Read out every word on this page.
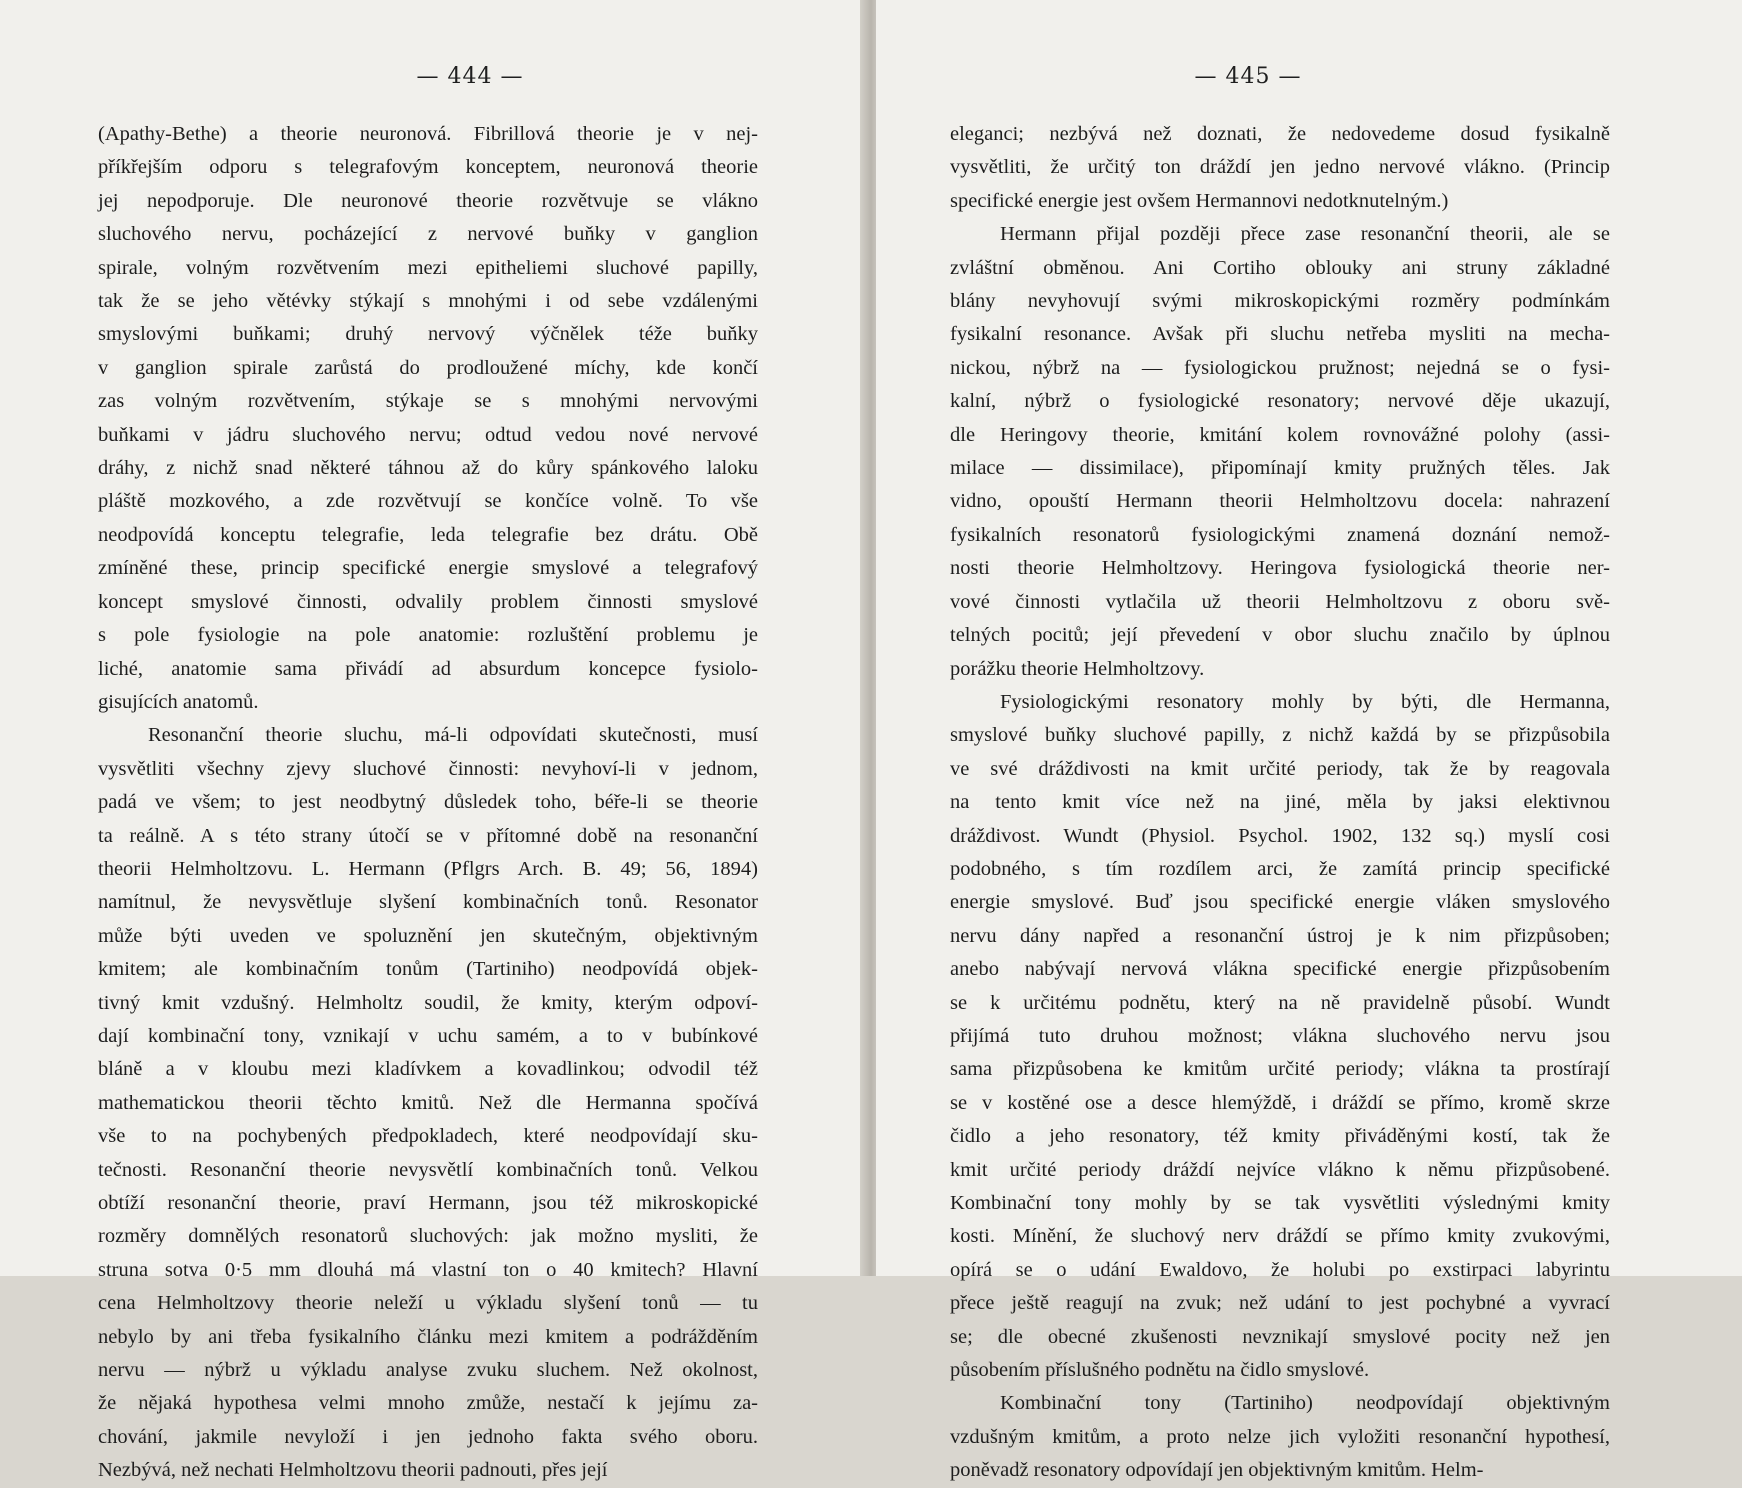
— 444 —
(Apathy-Bethe) a theorie neuronová. Fibrillová theorie je v nej-
příkřejším odporu s telegrafovým konceptem, neuronová theorie
jej nepodporuje. Dle neuronové theorie rozvětvuje se vlákno
sluchového nervu, pocházející z nervové buňky v ganglion
spirale, volným rozvětvením mezi epitheliemi sluchové papilly,
tak že se jeho větévky stýkají s mnohými i od sebe vzdálenými
smyslovými buňkami; druhý nervový výčnělek téže buňky
v ganglion spirale zarůstá do prodloužené míchy, kde končí
zas volným rozvětvením, stýkaje se s mnohými nervovými
buňkami v jádru sluchového nervu; odtud vedou nové nervové
dráhy, z nichž snad některé táhnou až do kůry spánkového laloku
pláště mozkového, a zde rozvětvují se končíce volně. To vše
neodpovídá konceptu telegrafie, leda telegrafie bez drátu. Obě
zmíněné these, princip specifické energie smyslové a telegrafový
koncept smyslové činnosti, odvalily problem činnosti smyslové
s pole fysiologie na pole anatomie: rozluštění problemu je
liché, anatomie sama přivádí ad absurdum koncepce fysiolo-
gisujících anatomů.
Resonanční theorie sluchu, má-li odpovídati skutečnosti, musí
vysvětliti všechny zjevy sluchové činnosti: nevyhoví-li v jednom,
padá ve všem; to jest neodbytný důsledek toho, béře-li se theorie
ta reálně. A s této strany útočí se v přítomné době na resonanční
theorii Helmholtzovu. L. Hermann (Pflgrs Arch. B. 49; 56, 1894)
namítnul, že nevysvětluje slyšení kombinačních tonů. Resonator
může býti uveden ve spoluznění jen skutečným, objektivným
kmitem; ale kombinačním tonům (Tartiniho) neodpovídá objek-
tivný kmit vzdušný. Helmholtz soudil, že kmity, kterým odpoví-
dají kombinační tony, vznikají v uchu samém, a to v bubínkové
bláně a v kloubu mezi kladívkem a kovadlinkou; odvodil též
mathematickou theorii těchto kmitů. Než dle Hermanna spočívá
vše to na pochybených předpokladech, které neodpovídají sku-
tečnosti. Resonanční theorie nevysvětlí kombinačních tonů. Velkou
obtíží resonanční theorie, praví Hermann, jsou též mikroskopické
rozměry domnělých resonatorů sluchových: jak možno mysliti, že
struna sotva 0·5 mm dlouhá má vlastní ton o 40 kmitech? Hlavní
cena Helmholtzovy theorie neleží u výkladu slyšení tonů — tu
nebylo by ani třeba fysikalního článku mezi kmitem a podrážděním
nervu — nýbrž u výkladu analyse zvuku sluchem. Než okolnost,
že nějaká hypothesa velmi mnoho zmůže, nestačí k jejímu za-
chování, jakmile nevyloží i jen jednoho fakta svého oboru.
Nezbývá, než nechati Helmholtzovu theorii padnouti, přes její
— 445 —
eleganci; nezbývá než doznati, že nedovedeme dosud fysikalně
vysvětliti, že určitý ton dráždí jen jedno nervové vlákno. (Princip
specifické energie jest ovšem Hermannovi nedotknutelným.)
Hermann přijal později přece zase resonanční theorii, ale se
zvláštní obměnou. Ani Cortiho oblouky ani struny základné
blány nevyhovují svými mikroskopickými rozměry podmínkám
fysikalní resonance. Avšak při sluchu netřeba mysliti na mecha-
nickou, nýbrž na — fysiologickou pružnost; nejedná se o fysi-
kalní, nýbrž o fysiologické resonatory; nervové děje ukazují,
dle Heringovy theorie, kmitání kolem rovnovážné polohy (assi-
milace — dissimilace), připomínají kmity pružných těles. Jak
vidno, opouští Hermann theorii Helmholtzovu docela: nahrazení
fysikalních resonatorů fysiologickými znamená doznání nemož-
nosti theorie Helmholtzovy. Heringova fysiologická theorie ner-
vové činnosti vytlačila už theorii Helmholtzovu z oboru svě-
telných pocitů; její převedení v obor sluchu značilo by úplnou
porážku theorie Helmholtzovy.
Fysiologickými resonatory mohly by býti, dle Hermanna,
smyslové buňky sluchové papilly, z nichž každá by se přizpůsobila
ve své dráždivosti na kmit určité periody, tak že by reagovala
na tento kmit více než na jiné, měla by jaksi elektivnou
dráždivost. Wundt (Physiol. Psychol. 1902, 132 sq.) myslí cosi
podobného, s tím rozdílem arci, že zamítá princip specifické
energie smyslové. Buď jsou specifické energie vláken smyslového
nervu dány napřed a resonanční ústroj je k nim přizpůsoben;
anebo nabývají nervová vlákna specifické energie přizpůsobením
se k určitému podnětu, který na ně pravidelně působí. Wundt
přijímá tuto druhou možnost; vlákna sluchového nervu jsou
sama přizpůsobena ke kmitům určité periody; vlákna ta prostírají
se v kostěné ose a desce hlemýždě, i dráždí se přímo, kromě skrze
čidlo a jeho resonatory, též kmity přiváděnými kostí, tak že
kmit určité periody dráždí nejvíce vlákno k němu přizpůsobené.
Kombinační tony mohly by se tak vysvětliti výslednými kmity
kosti. Mínění, že sluchový nerv dráždí se přímo kmity zvukovými,
opírá se o udání Ewaldovo, že holubi po exstirpaci labyrintu
přece ještě reagují na zvuk; než udání to jest pochybné a vyvrací
se; dle obecné zkušenosti nevznikají smyslové pocity než jen
působením příslušného podnětu na čidlo smyslové.
Kombinační tony (Tartiniho) neodpovídají objektivným
vzdušným kmitům, a proto nelze jich vyložiti resonanční hypothesí,
poněvadž resonatory odpovídají jen objektivným kmitům. Helm-
